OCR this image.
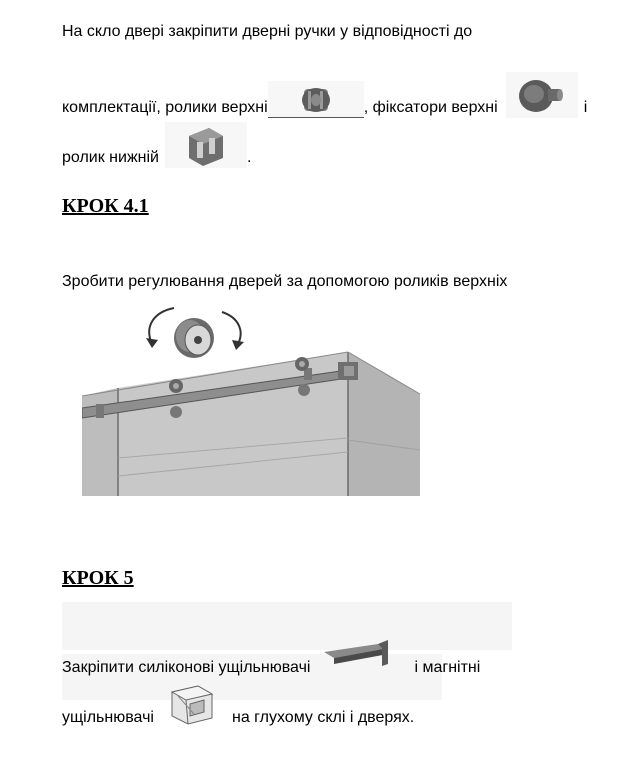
На скло двері закріпити дверні ручки у відповідності до
комплектації, ролики верхні	, фіксатори верхні	і
ролик нижній	.
КРОК 4.1
Зробити регулювання дверей за допомогою роликів верхніх
КРОК 5
Закріпити силіконові ущільнювачі	і магнітні
ущільнювачі	на глухому склі і дверях.
